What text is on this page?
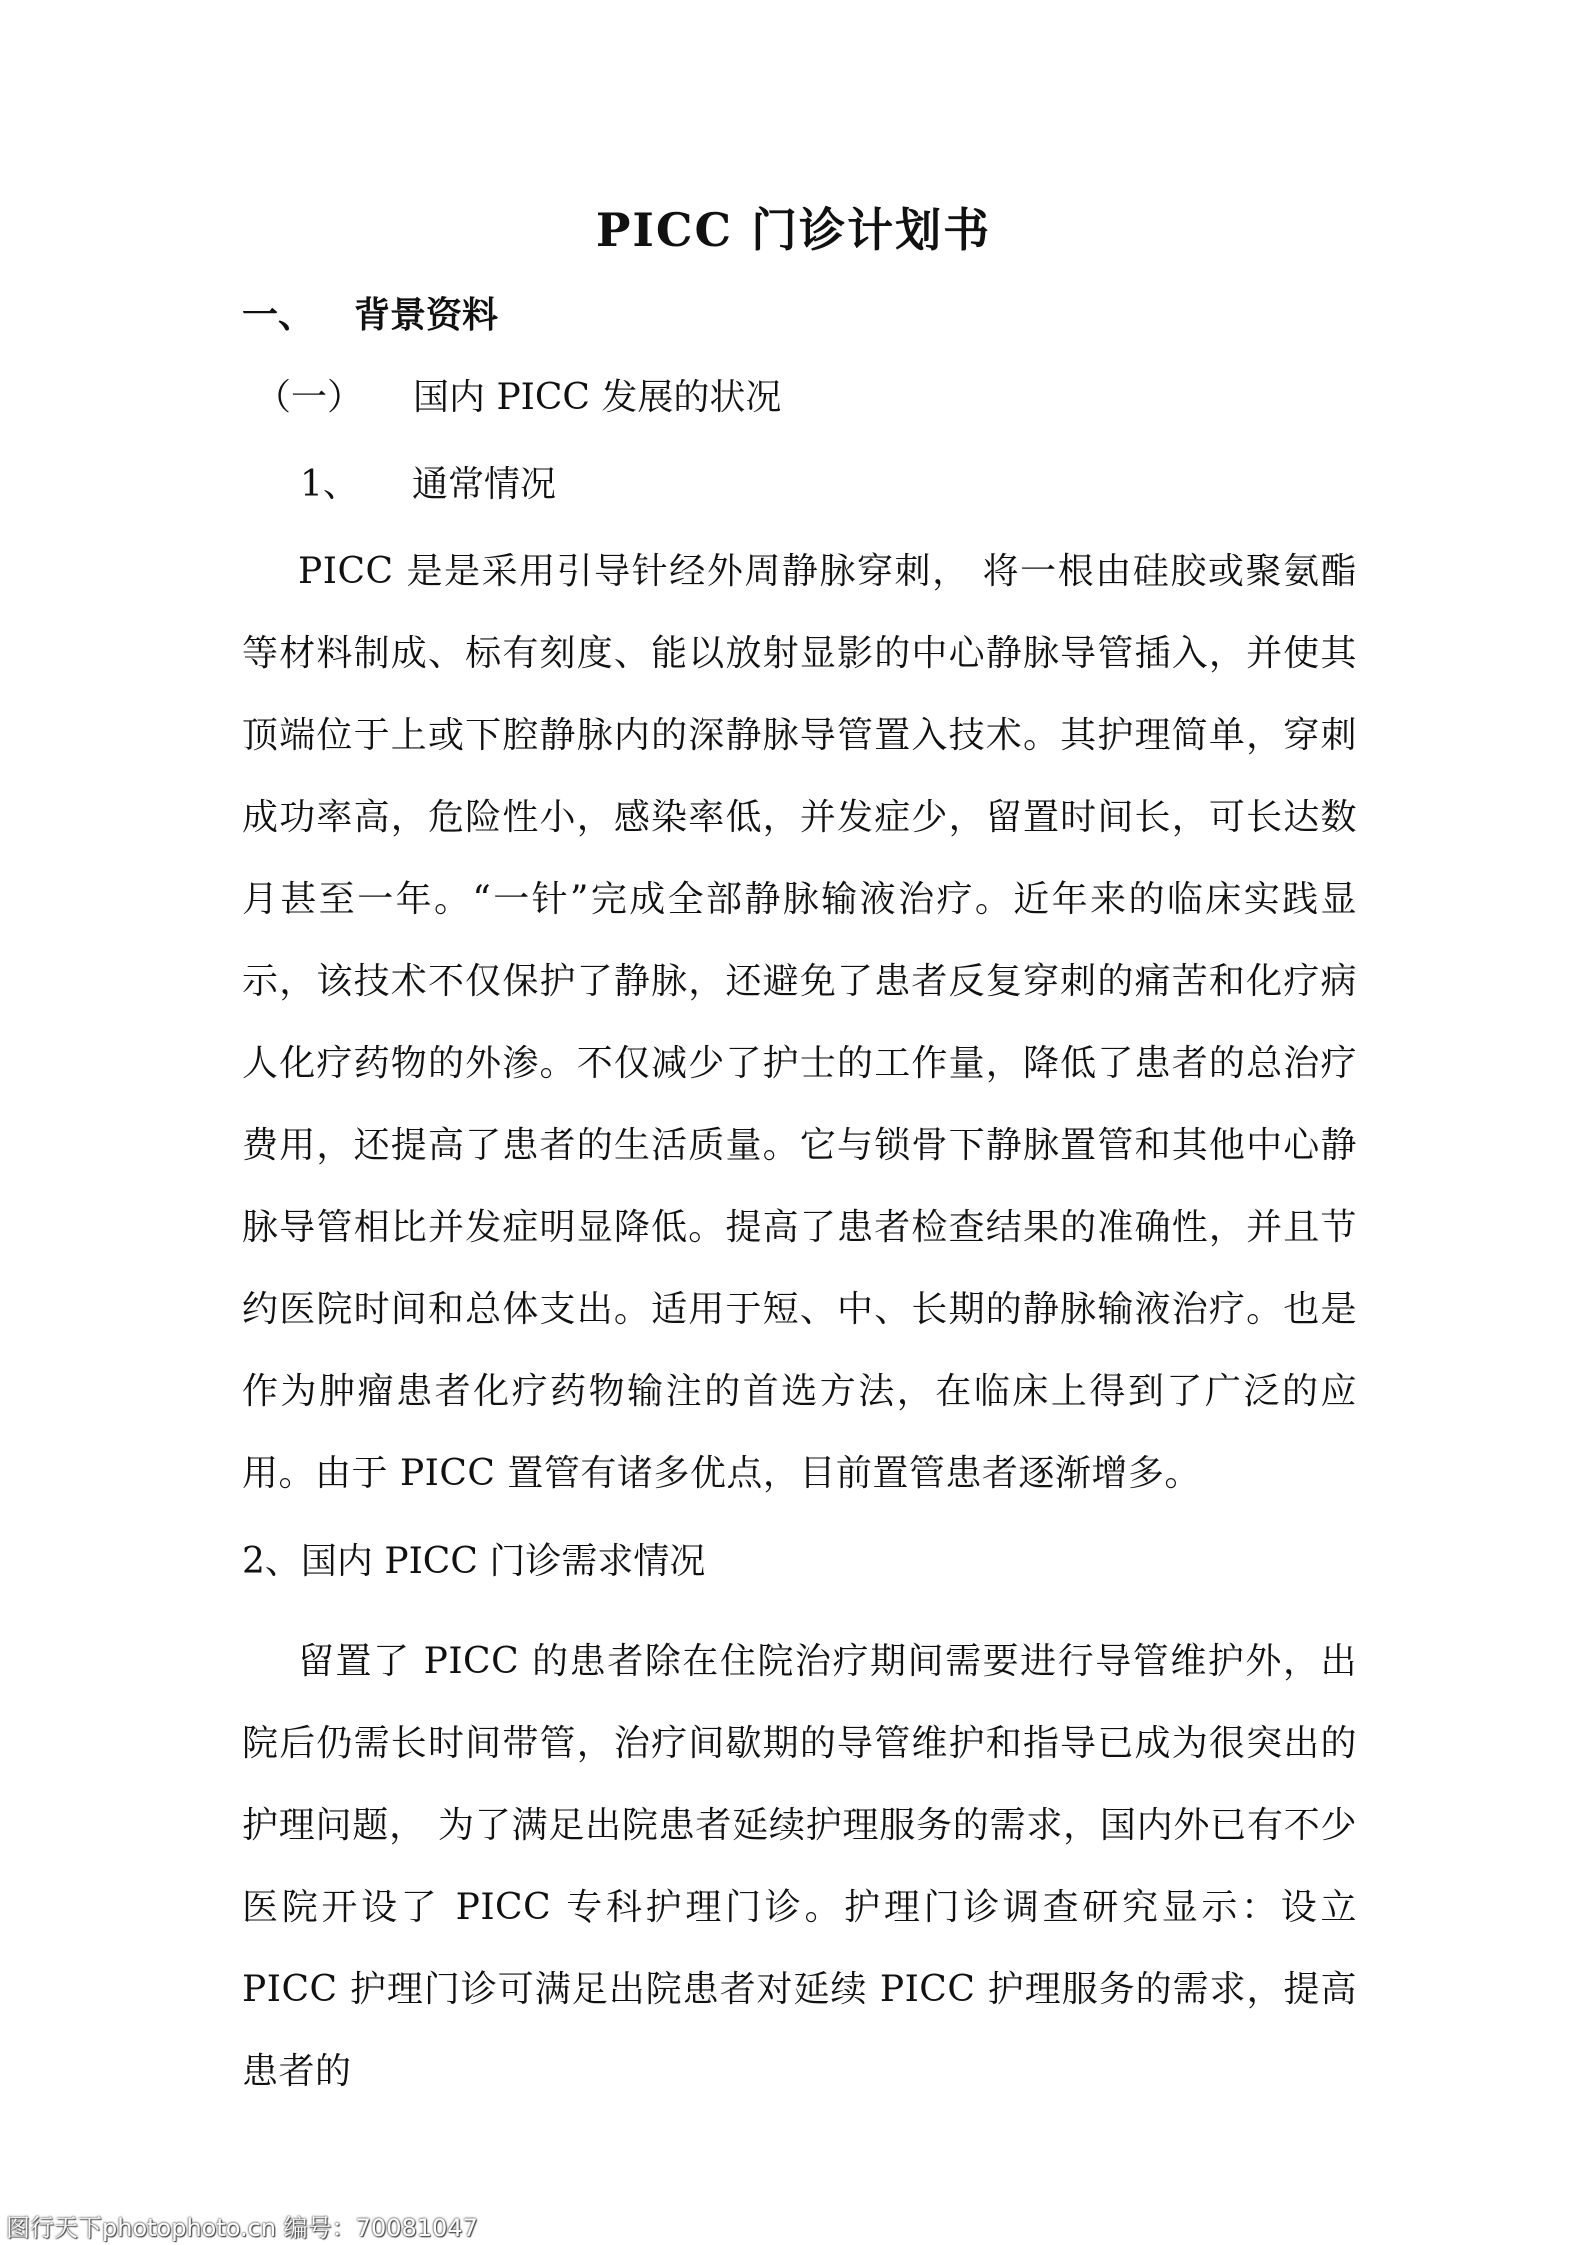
PICC 门诊计划书
一、 背景资料
（一） 国内 PICC 发展的状况
1、 通常情况

PICC 是是采用引导针经外周静脉穿刺， 将一根由硅胶或聚氨酯等材料制成、标有刻度、能以放射显影的中心静脉导管插入，并使其顶端位于上或下腔静脉内的深静脉导管置入技术。其护理简单，穿刺成功率高，危险性小，感染率低，并发症少，留置时间长，可长达数月甚至一年。“一针”完成全部静脉输液治疗。近年来的临床实践显示，该技术不仅保护了静脉，还避免了患者反复穿刺的痛苦和化疗病人化疗药物的外渗。不仅减少了护士的工作量，降低了患者的总治疗费用，还提高了患者的生活质量。它与锁骨下静脉置管和其他中心静脉导管相比并发症明显降低。提高了患者检查结果的准确性，并且节约医院时间和总体支出。适用于短、中、长期的静脉输液治疗。也是作为肿瘤患者化疗药物输注的首选方法，在临床上得到了广泛的应用。由于 PICC 置管有诸多优点，目前置管患者逐渐增多。

2、国内 PICC 门诊需求情况

留置了 PICC 的患者除在住院治疗期间需要进行导管维护外，出院后仍需长时间带管，治疗间歇期的导管维护和指导已成为很突出的护理问题， 为了满足出院患者延续护理服务的需求，国内外已有不少医院开设了 PICC 专科护理门诊。护理门诊调查研究显示：设立 PICC 护理门诊可满足出院患者对延续 PICC 护理服务的需求，提高患者的

图行天下photophoto.cn 编号：70081047
